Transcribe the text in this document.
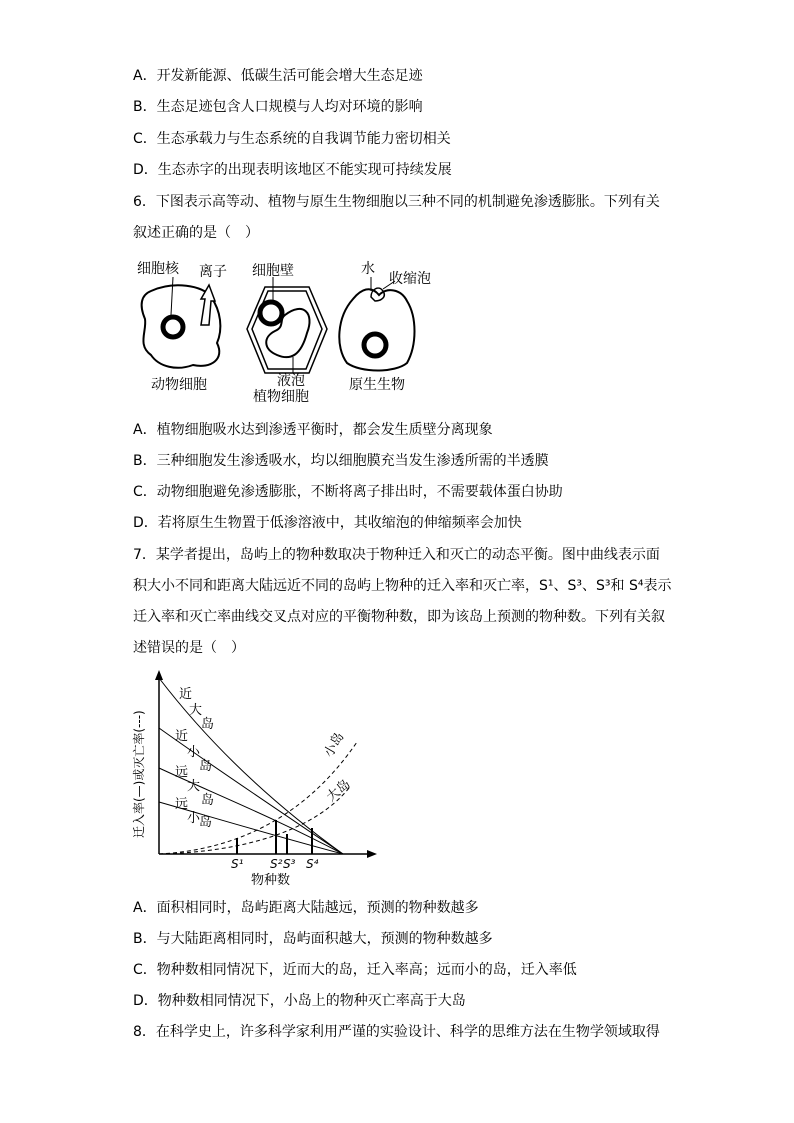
A．开发新能源、低碳生活可能会增大生态足迹
B．生态足迹包含人口规模与人均对环境的影响
C．生态承载力与生态系统的自我调节能力密切相关
D．生态赤字的出现表明该地区不能实现可持续发展
6．下图表示高等动、植物与原生生物细胞以三种不同的机制避免渗透膨胀。下列有关
叙述正确的是（　）
细胞核 离子
动物细胞
细胞壁
液泡
植物细胞
水
收缩泡
原生生物
A．植物细胞吸水达到渗透平衡时，都会发生质壁分离现象
B．三种细胞发生渗透吸水，均以细胞膜充当发生渗透所需的半透膜
C．动物细胞避免渗透膨胀，不断将离子排出时，不需要载体蛋白协助
D．若将原生生物置于低渗溶液中，其收缩泡的伸缩频率会加快
7．某学者提出，岛屿上的物种数取决于物种迁入和灭亡的动态平衡。图中曲线表示面
积大小不同和距离大陆远近不同的岛屿上物种的迁入率和灭亡率，S¹、S³、S³和 S⁴表示
迁入率和灭亡率曲线交叉点对应的平衡物种数，即为该岛上预测的物种数。下列有关叙
述错误的是（　）
近
大
岛
近
小
岛
远
大
岛
远
小
岛
小岛
大岛
S¹ S² S³ S⁴
物种数
迁入率(—)或灭亡率(---)
A．面积相同时，岛屿距离大陆越远，预测的物种数越多
B．与大陆距离相同时，岛屿面积越大，预测的物种数越多
C．物种数相同情况下，近而大的岛，迁入率高；远而小的岛，迁入率低
D．物种数相同情况下，小岛上的物种灭亡率高于大岛
8．在科学史上，许多科学家利用严谨的实验设计、科学的思维方法在生物学领域取得
